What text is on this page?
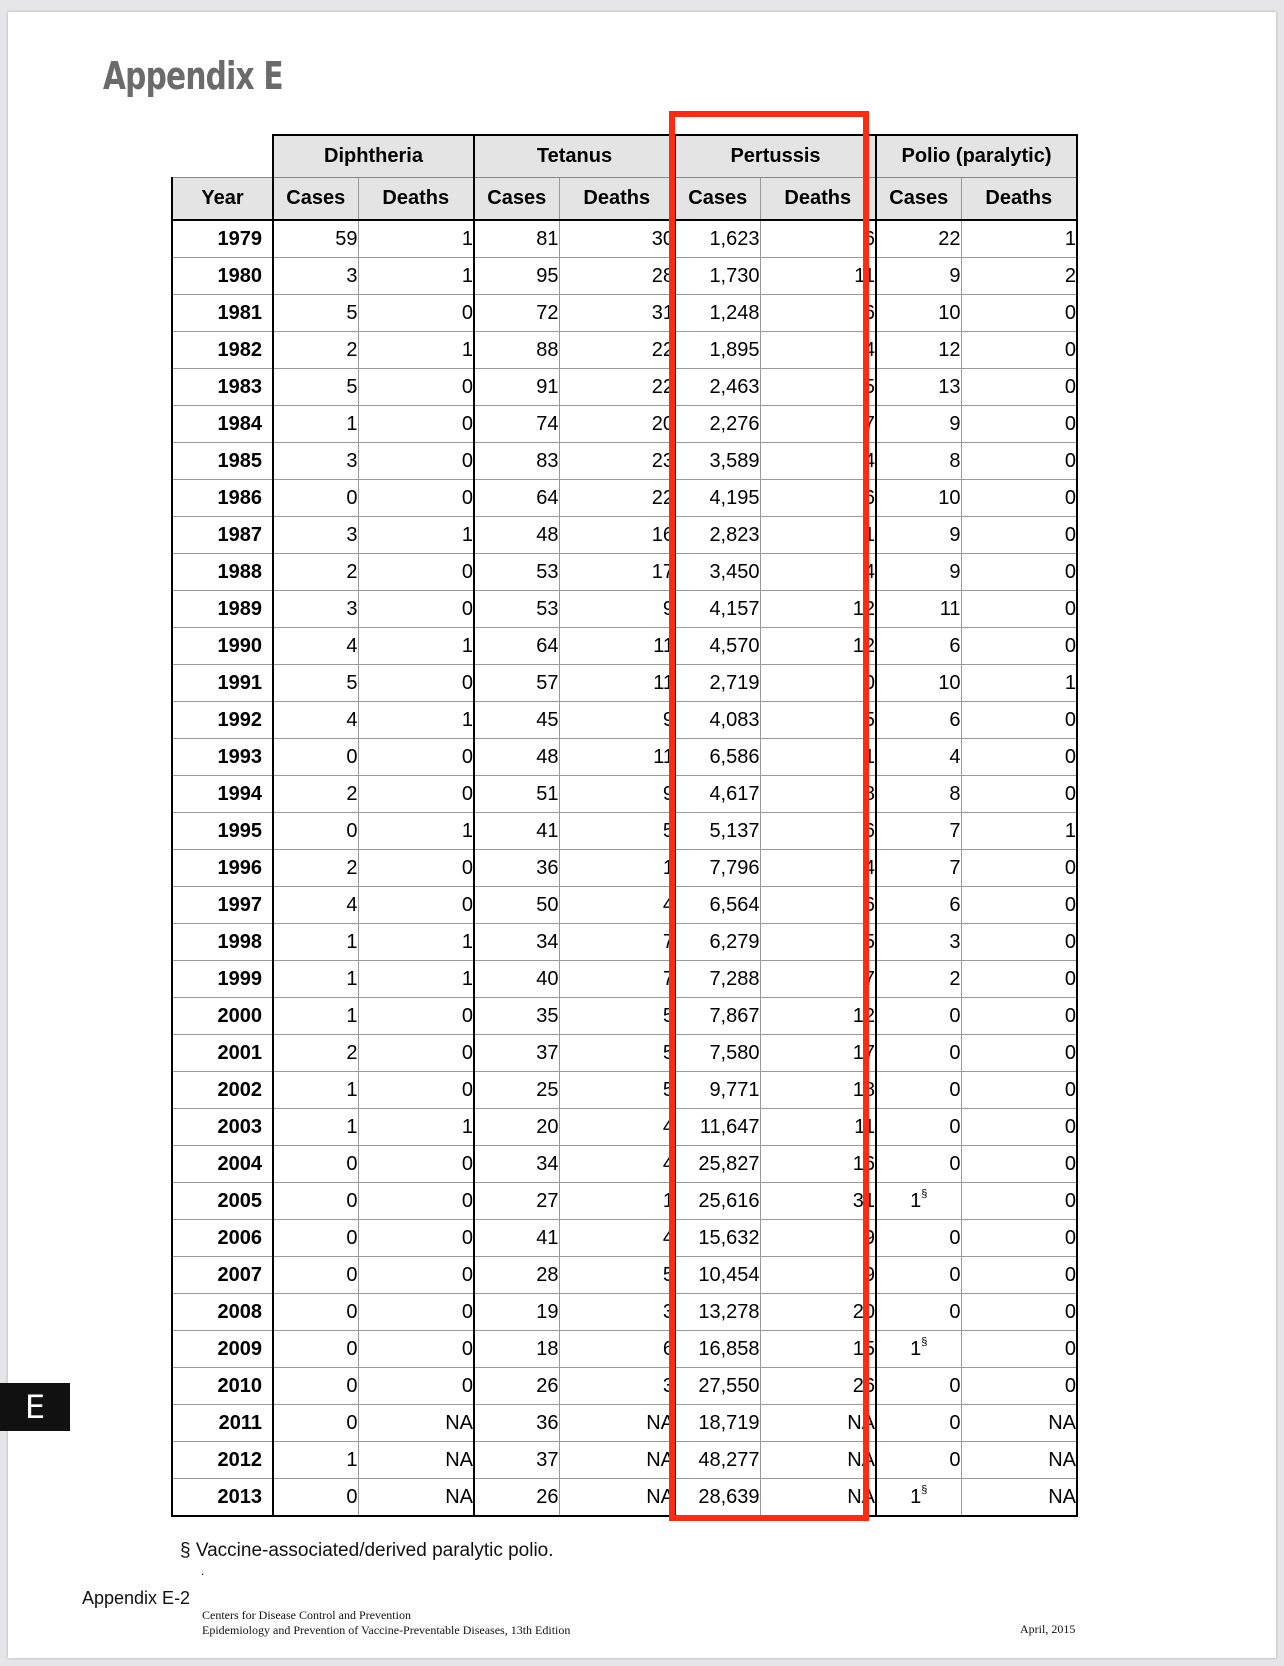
Appendix E
	Diphtheria		Tetanus		Pertussis		Polio (paralytic)	
Year	Cases	Deaths	Cases	Deaths	Cases	Deaths	Cases	Deaths
1979	59	1	81	30	1,623	6	22	1
1980	3	1	95	28	1,730	11	9	2
1981	5	0	72	31	1,248	6	10	0
1982	2	1	88	22	1,895	4	12	0
1983	5	0	91	22	2,463	5	13	0
1984	1	0	74	20	2,276	7	9	0
1985	3	0	83	23	3,589	4	8	0
1986	0	0	64	22	4,195	6	10	0
1987	3	1	48	16	2,823	1	9	0
1988	2	0	53	17	3,450	4	9	0
1989	3	0	53	9	4,157	12	11	0
1990	4	1	64	11	4,570	12	6	0
1991	5	0	57	11	2,719	0	10	1
1992	4	1	45	9	4,083	5	6	0
1993	0	0	48	11	6,586	1	4	0
1994	2	0	51	9	4,617	8	8	0
1995	0	1	41	5	5,137	6	7	1
1996	2	0	36	1	7,796	4	7	0
1997	4	0	50	4	6,564	6	6	0
1998	1	1	34	7	6,279	5	3	0
1999	1	1	40	7	7,288	7	2	0
2000	1	0	35	5	7,867	12	0	0
2001	2	0	37	5	7,580	17	0	0
2002	1	0	25	5	9,771	18	0	0
2003	1	1	20	4	11,647	11	0	0
2004	0	0	34	4	25,827	16	0	0
2005	0	0	27	1	25,616	31	1§	0
2006	0	0	41	4	15,632	9	0	0
2007	0	0	28	5	10,454	9	0	0
2008	0	0	19	3	13,278	20	0	0
2009	0	0	18	6	16,858	15	1§	0
2010	0	0	26	3	27,550	26	0	0
2011	0	NA	36	NA	18,719	NA	0	NA
2012	1	NA	37	NA	48,277	NA	0	NA
2013	0	NA	26	NA	28,639	NA	1§	NA
§ Vaccine-associated/derived paralytic polio.
.
Appendix E-2
Centers for Disease Control and Prevention
Epidemiology and Prevention of Vaccine-Preventable Diseases, 13th Edition	April, 2015
E
